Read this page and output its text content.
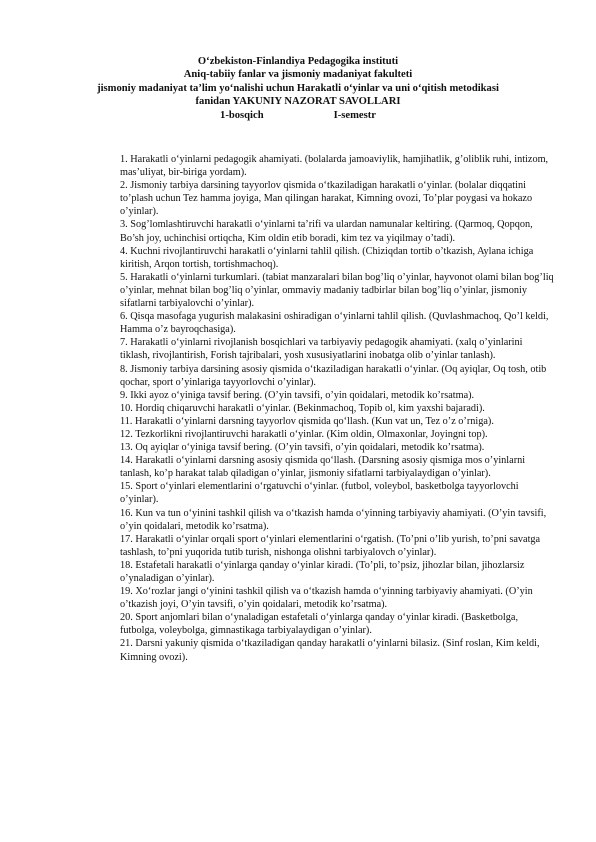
O‘zbekiston-Finlandiya Pedagogika instituti
Aniq-tabiiy fanlar va jismoniy madaniyat fakulteti
jismoniy madaniyat ta’lim yo‘nalishi uchun Harakatli o‘yinlar va uni o‘qitish metodikasi
fanidan YAKUNIY NAZORAT SAVOLLARI
1-bosqich	I-semestr
1. Harakatli o‘yinlarni pedagogik ahamiyati. (bolalarda jamoaviylik, hamjihatlik, g’oliblik ruhi, intizom, mas’uliyat, bir-biriga yordam).
2. Jismoniy tarbiya darsining tayyorlov qismida o‘tkaziladigan harakatli o‘yinlar. (bolalar diqqatini to’plash uchun Tez hamma joyiga, Man qilingan harakat, Kimning ovozi, To’plar poygasi va hokazo o’yinlar).
3. Sog’lomlashtiruvchi harakatli o‘yinlarni ta’rifi va ulardan namunalar keltiring. (Qarmoq, Qopqon, Bo’sh joy, uchinchisi ortiqcha, Kim oldin etib boradi, kim tez va yiqilmay o’tadi).
4. Kuchni rivojlantiruvchi harakatli o‘yinlarni tahlil qilish. (Chiziqdan tortib o’tkazish, Aylana ichiga kiritish, Arqon tortish, tortishmachoq).
5. Harakatli o‘yinlarni turkumlari. (tabiat manzaralari bilan bog’liq o’yinlar, hayvonot olami bilan bog’liq o’yinlar, mehnat bilan bog’liq o’yinlar, ommaviy madaniy tadbirlar bilan bog’liq o’yinlar, jismoniy sifatlarni tarbiyalovchi o’yinlar).
6. Qisqa masofaga yugurish malakasini oshiradigan o‘yinlarni tahlil qilish. (Quvlashmachoq, Qo’l keldi, Hamma o’z bayroqchasiga).
7. Harakatli o‘yinlarni rivojlanish bosqichlari va tarbiyaviy pedagogik ahamiyati. (xalq o’yinlarini tiklash, rivojlantirish, Forish tajribalari, yosh xususiyatlarini inobatga olib o’yinlar tanlash).
8. Jismoniy tarbiya darsining asosiy qismida o‘tkaziladigan harakatli o‘yinlar. (Oq ayiqlar, Oq tosh, otib qochar, sport o’yinlariga tayyorlovchi o’yinlar).
9. Ikki ayoz o‘yiniga tavsif bering. (O’yin tavsifi, o’yin qoidalari, metodik ko’rsatma).
10. Hordiq chiqaruvchi harakatli o‘yinlar. (Bekinmachoq, Topib ol, kim yaxshi bajaradi).
11. Harakatli o‘yinlarni darsning tayyorlov qismida qo‘llash. (Kun vat un, Tez o’z o’rniga).
12. Tezkorlikni rivojlantiruvchi harakatli o‘yinlar. (Kim oldin, Olmaxonlar, Joyingni top).
13. Oq ayiqlar o‘yiniga tavsif bering. (O’yin tavsifi, o’yin qoidalari, metodik ko’rsatma).
14. Harakatli o‘yinlarni darsning asosiy qismida qo‘llash. (Darsning asosiy qismiga mos o’yinlarni tanlash, ko’p harakat talab qiladigan o’yinlar, jismoniy sifatlarni tarbiyalaydigan o’yinlar).
15. Sport o‘yinlari elementlarini o‘rgatuvchi o‘yinlar. (futbol, voleybol, basketbolga tayyorlovchi o’yinlar).
16. Kun va tun o‘yinini tashkil qilish va o‘tkazish hamda o‘yinning tarbiyaviy ahamiyati. (O’yin tavsifi, o’yin qoidalari, metodik ko’rsatma).
17. Harakatli o‘yinlar orqali sport o‘yinlari elementlarini o‘rgatish. (To’pni o’lib yurish, to’pni savatga tashlash, to’pni yuqorida tutib turish, nishonga olishni tarbiyalovch o’yinlar).
18. Estafetali harakatli o‘yinlarga qanday o‘yinlar kiradi. (To’pli, to’psiz, jihozlar bilan, jihozlarsiz o’ynaladigan o’yinlar).
19. Xo‘rozlar jangi o‘yinini tashkil qilish va o‘tkazish hamda o‘yinning tarbiyaviy ahamiyati. (O’yin o’tkazish joyi, O’yin tavsifi, o’yin qoidalari, metodik ko’rsatma).
20. Sport anjomlari bilan o‘ynaladigan estafetali o‘yinlarga qanday o‘yinlar kiradi. (Basketbolga, futbolga, voleybolga, gimnastikaga tarbiyalaydigan o’yinlar).
21. Darsni yakuniy qismida o‘tkaziladigan qanday harakatli o‘yinlarni bilasiz. (Sinf roslan, Kim keldi, Kimning ovozi).
